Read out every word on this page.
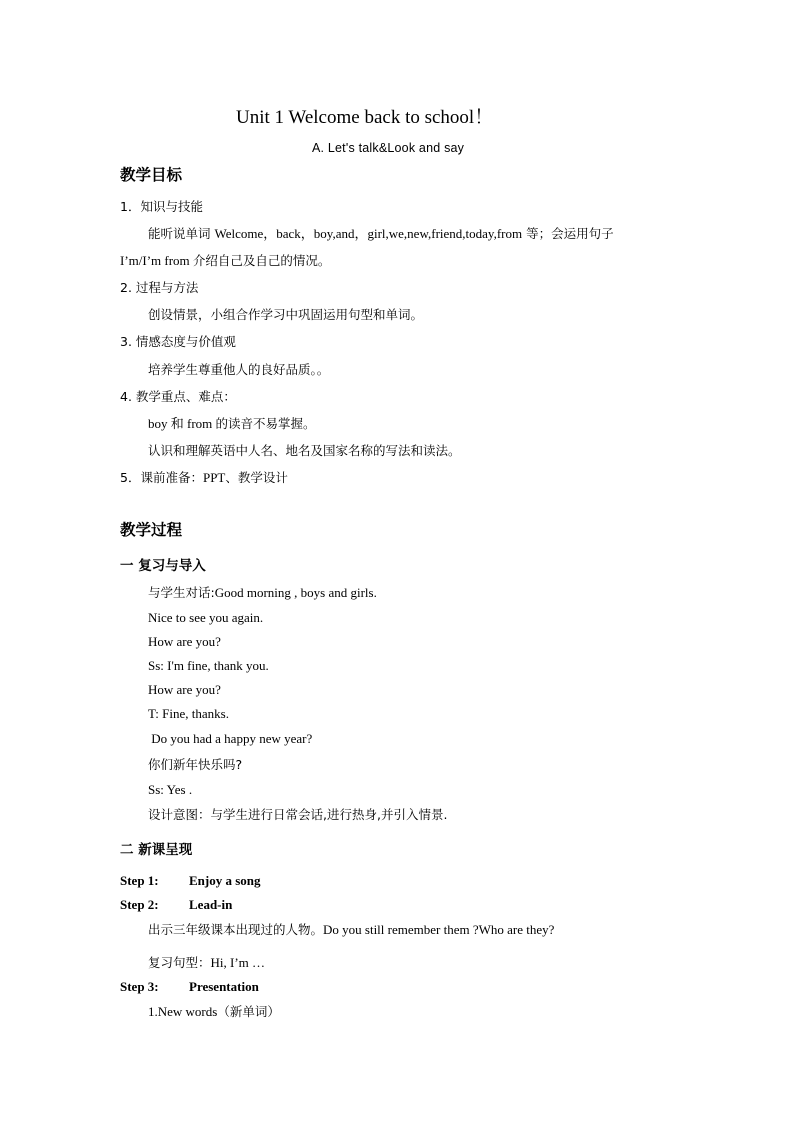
Unit 1 Welcome back to school！
A. Let's talk&Look and say
教学目标
1．知识与技能
能听说单词 Welcome，back，boy,and，girl,we,new,friend,today,from 等；会运用句子
I’m/I’m from 介绍自己及自己的情况。
2. 过程与方法
创设情景，小组合作学习中巩固运用句型和单词。
3. 情感态度与价值观
培养学生尊重他人的良好品质。。
4. 教学重点、难点：
boy 和 from 的读音不易掌握。
认识和理解英语中人名、地名及国家名称的写法和读法。
5．课前准备：PPT、教学设计
教学过程
一 复习与导入
与学生对话:Good morning , boys and girls.
Nice to see you again.
How are you?
Ss: I'm fine, thank you.
How are you?
T: Fine, thanks.
Do you had a happy new year?
你们新年快乐吗?
Ss: Yes .
设计意图：与学生进行日常会话,进行热身,并引入情景.
二 新课呈现
Step 1: Enjoy a song
Step 2: Lead-in
出示三年级课本出现过的人物。Do you still remember them ?Who are they?
复习句型：Hi, I’m …
Step 3: Presentation
1.New words（新单词）
